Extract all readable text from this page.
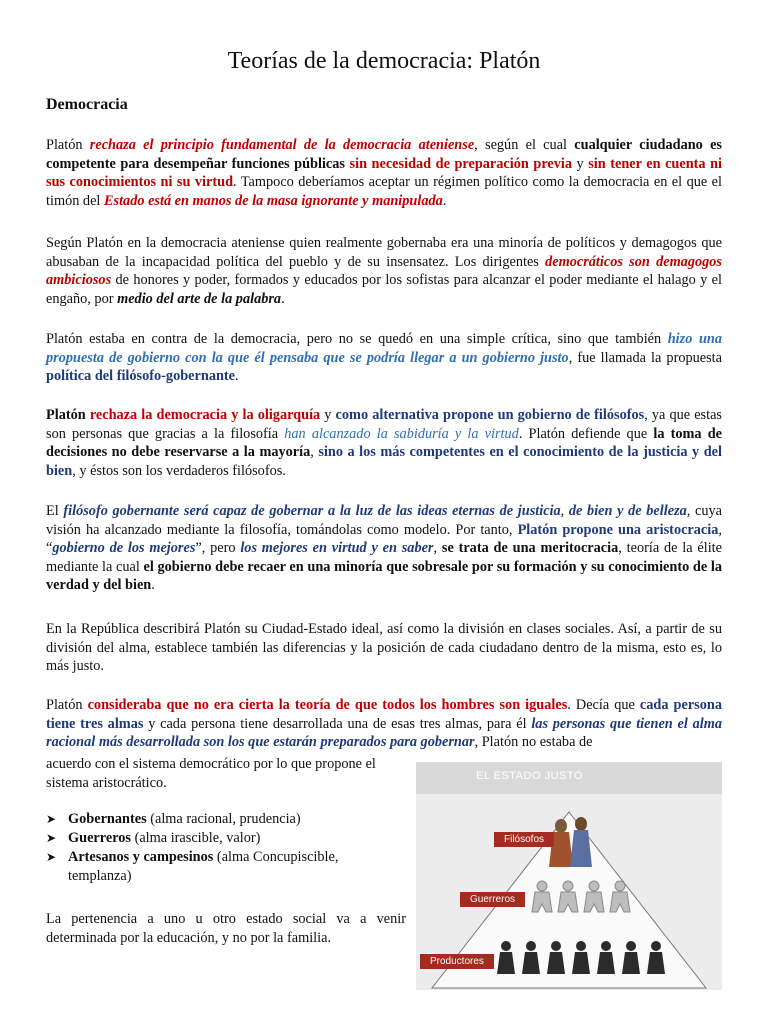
Teorías de la democracia: Platón
Democracia
Platón rechaza el principio fundamental de la democracia ateniense, según el cual cualquier ciudadano es competente para desempeñar funciones públicas sin necesidad de preparación previa y sin tener en cuenta ni sus conocimientos ni su virtud. Tampoco deberíamos aceptar un régimen político como la democracia en el que el timón del Estado está en manos de la masa ignorante y manipulada.
Según Platón en la democracia ateniense quien realmente gobernaba era una minoría de políticos y demagogos que abusaban de la incapacidad política del pueblo y de su insensatez. Los dirigentes democráticos son demagogos ambiciosos de honores y poder, formados y educados por los sofistas para alcanzar el poder mediante el halago y el engaño, por medio del arte de la palabra.
Platón estaba en contra de la democracia, pero no se quedó en una simple crítica, sino que también hizo una propuesta de gobierno con la que él pensaba que se podría llegar a un gobierno justo, fue llamada la propuesta política del filósofo-gobernante.
Platón rechaza la democracia y la oligarquía y como alternativa propone un gobierno de filósofos, ya que estas son personas que gracias a la filosofía han alcanzado la sabiduría y la virtud. Platón defiende que la toma de decisiones no debe reservarse a la mayoría, sino a los más competentes en el conocimiento de la justicia y del bien, y éstos son los verdaderos filósofos.
El filósofo gobernante será capaz de gobernar a la luz de las ideas eternas de justicia, de bien y de belleza, cuya visión ha alcanzado mediante la filosofía, tomándolas como modelo. Por tanto, Platón propone una aristocracia, “gobierno de los mejores”, pero los mejores en virtud y en saber, se trata de una meritocracia, teoría de la élite mediante la cual el gobierno debe recaer en una minoría que sobresale por su formación y su conocimiento de la verdad y del bien.
En la República describirá Platón su Ciudad-Estado ideal, así como la división en clases sociales. Así, a partir de su división del alma, establece también las diferencias y la posición de cada ciudadano dentro de la misma, esto es, lo más justo.
Platón consideraba que no era cierta la teoría de que todos los hombres son iguales. Decía que cada persona tiene tres almas y cada persona tiene desarrollada una de esas tres almas, para él las personas que tienen el alma racional más desarrollada son los que estarán preparados para gobernar, Platón no estaba de
acuerdo con el sistema democrático por lo que propone el sistema aristocrático.
➤ Gobernantes (alma racional, prudencia)
➤ Guerreros (alma irascible, valor)
➤ Artesanos y campesinos (alma Concupiscible, templanza)
La pertenencia a uno u otro estado social va a venir determinada por la educación, y no por la familia.
EL ESTADO JUSTO
Filósofos
Guerreros
Productores
